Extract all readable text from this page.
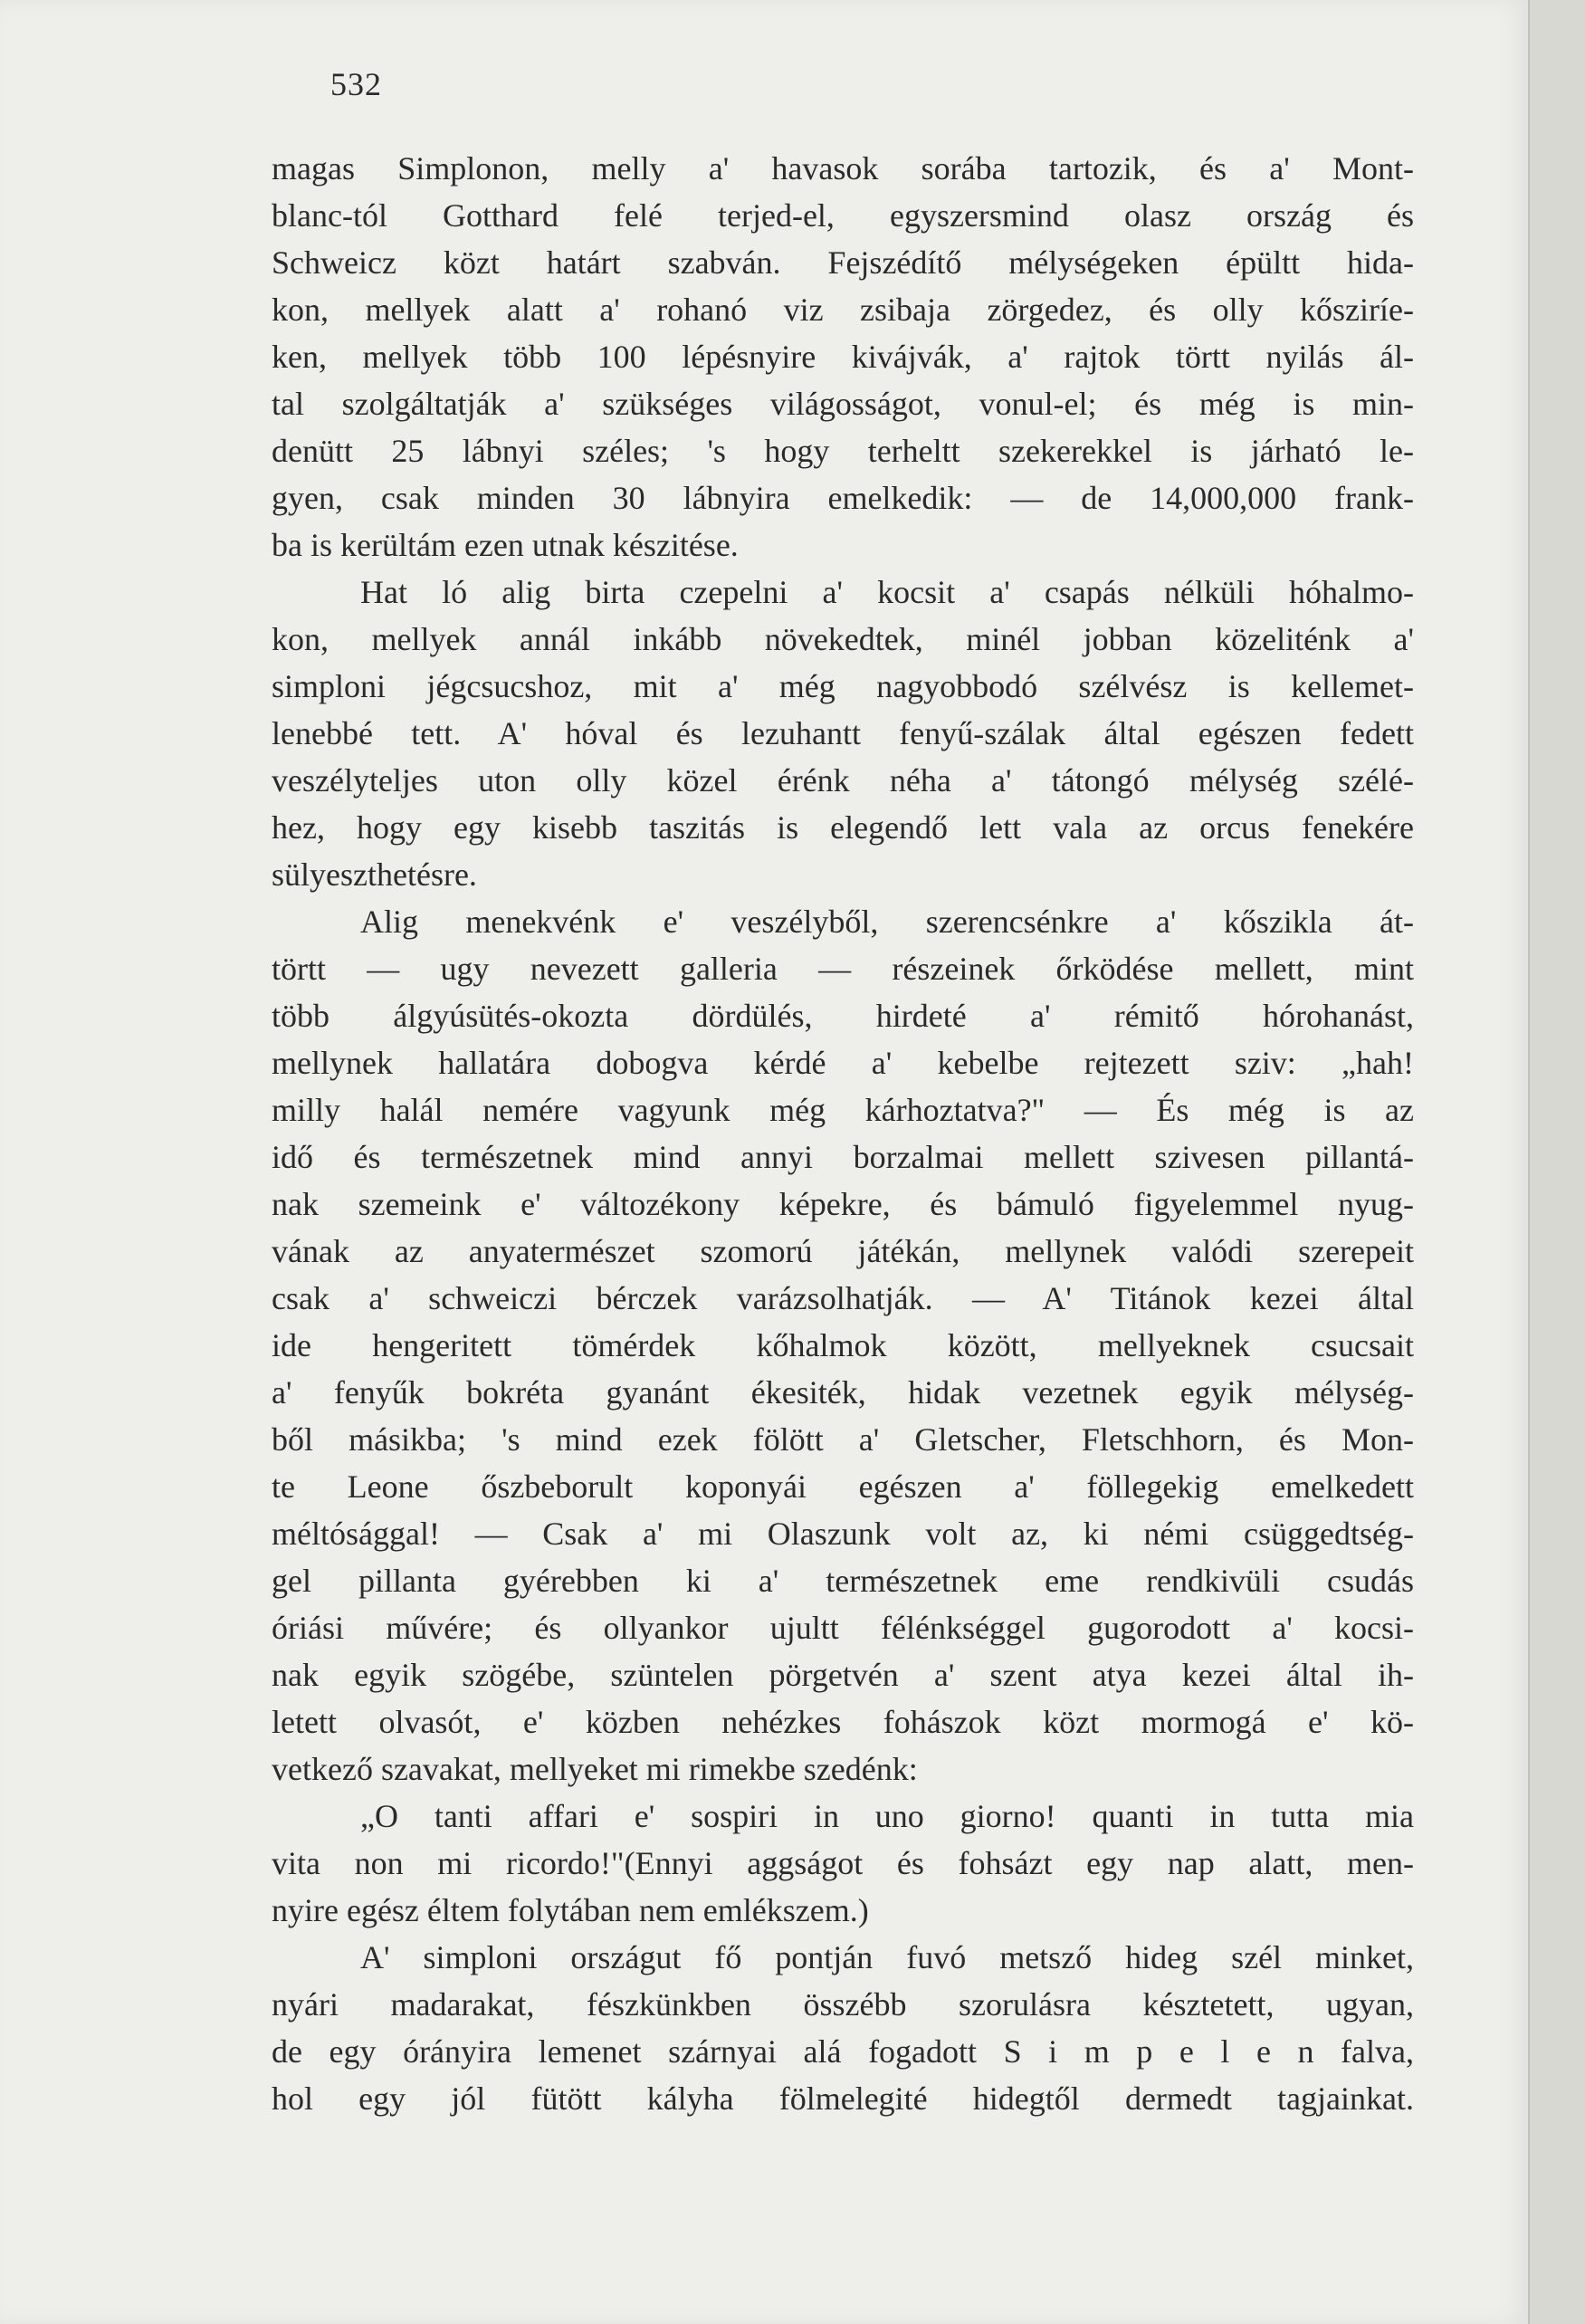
532
magas Simplonon, melly a' havasok sorába tartozik, és a' Mont-
blanc-tól Gotthard felé terjed-el, egyszersmind olasz ország és
Schweicz közt határt szabván. Fejszédítő mélységeken épültt hida-
kon, mellyek alatt a' rohanó viz zsibaja zörgedez, és olly kősziríe-
ken, mellyek több 100 lépésnyire kivájvák, a' rajtok törtt nyilás ál-
tal szolgáltatják a' szükséges világosságot, vonul-el; és még is min-
denütt 25 lábnyi széles; 's hogy terheltt szekerekkel is járható le-
gyen, csak minden 30 lábnyira emelkedik: — de 14,000,000 frank-
ba is kerültám ezen utnak készitése.
Hat ló alig birta czepelni a' kocsit a' csapás nélküli hóhalmo-
kon, mellyek annál inkább növekedtek, minél jobban közeliténk a'
simploni jégcsucshoz, mit a' még nagyobbodó szélvész is kellemet-
lenebbé tett. A' hóval és lezuhantt fenyű-szálak által egészen fedett
veszélyteljes uton olly közel érénk néha a' tátongó mélység szélé-
hez, hogy egy kisebb taszitás is elegendő lett vala az orcus fenekére
sülyeszthetésre.
Alig menekvénk e' veszélyből, szerencsénkre a' kőszikla át-
törtt — ugy nevezett galleria — részeinek őrködése mellett, mint
több álgyúsütés-okozta dördülés, hirdeté a' rémitő hórohanást,
mellynek hallatára dobogva kérdé a' kebelbe rejtezett sziv: „hah!
milly halál nemére vagyunk még kárhoztatva?" — És még is az
idő és természetnek mind annyi borzalmai mellett szivesen pillantá-
nak szemeink e' változékony képekre, és bámuló figyelemmel nyug-
vának az anyatermészet szomorú játékán, mellynek valódi szerepeit
csak a' schweiczi bérczek varázsolhatják. — A' Titánok kezei által
ide hengeritett tömérdek kőhalmok között, mellyeknek csucsait
a' fenyűk bokréta gyanánt ékesiték, hidak vezetnek egyik mélység-
ből másikba; 's mind ezek fölött a' Gletscher, Fletschhorn, és Mon-
te Leone őszbeborult koponyái egészen a' föllegekig emelkedett
méltósággal! — Csak a' mi Olaszunk volt az, ki némi csüggedtség-
gel pillanta gyérebben ki a' természetnek eme rendkivüli csudás
óriási művére; és ollyankor ujultt félénkséggel gugorodott a' kocsi-
nak egyik szögébe, szüntelen pörgetvén a' szent atya kezei által ih-
letett olvasót, e' közben nehézkes fohászok közt mormogá e' kö-
vetkező szavakat, mellyeket mi rimekbe szedénk:
„O tanti affari e' sospiri in uno giorno! quanti in tutta mia
vita non mi ricordo!"(Ennyi aggságot és fohsázt egy nap alatt, men-
nyire egész éltem folytában nem emlékszem.)
A' simploni országut fő pontján fuvó metsző hideg szél minket,
nyári madarakat, fészkünkben összébb szorulásra késztetett, ugyan,
de egy órányira lemenet szárnyai alá fogadott S i m p e l e n falva,
hol egy jól fütött kályha fölmelegité hidegtől dermedt tagjainkat.
